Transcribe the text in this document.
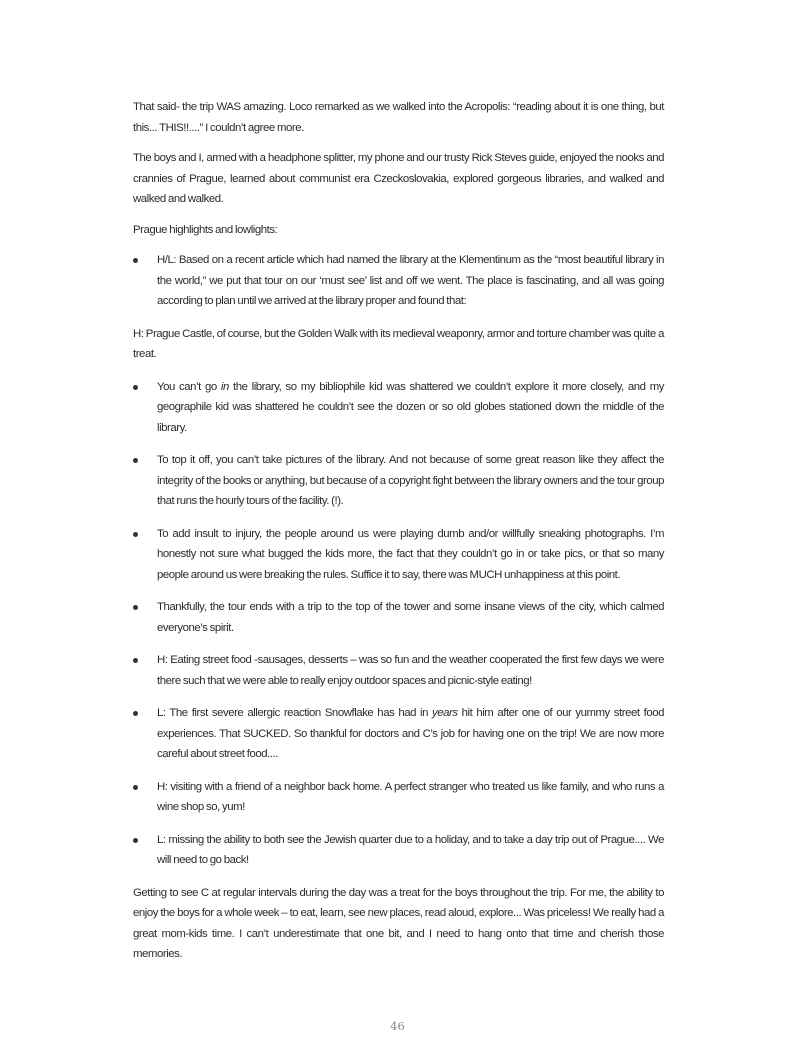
That said- the trip WAS amazing. Loco remarked as we walked into the Acropolis: “reading about it is one thing, but this... THIS!!....” I couldn’t agree more.

The boys and I, armed with a headphone splitter, my phone and our trusty Rick Steves guide, enjoyed the nooks and crannies of Prague, learned about communist era Czeckoslovakia, explored gorgeous libraries, and walked and walked and walked.

Prague highlights and lowlights:

H/L: Based on a recent article which had named the library at the Klementinum as the “most beautiful library in the world,” we put that tour on our ‘must see’ list and off we went. The place is fascinating, and all was going according to plan until we arrived at the library proper and found that:

H: Prague Castle, of course, but the Golden Walk with its medieval weaponry, armor and torture chamber was quite a treat.

You can’t go in the library, so my bibliophile kid was shattered we couldn’t explore it more closely, and my geographile kid was shattered he couldn’t see the dozen or so old globes stationed down the middle of the library.
To top it off, you can’t take pictures of the library. And not because of some great reason like they affect the integrity of the books or anything, but because of a copyright fight between the library owners and the tour group that runs the hourly tours of the facility. (!).
To add insult to injury, the people around us were playing dumb and/or willfully sneaking photographs. I’m honestly not sure what bugged the kids more, the fact that they couldn’t go in or take pics, or that so many people around us were breaking the rules. Suffice it to say, there was MUCH unhappiness at this point.
Thankfully, the tour ends with a trip to the top of the tower and some insane views of the city, which calmed everyone’s spirit.
H: Eating street food -sausages, desserts – was so fun and the weather cooperated the first few days we were there such that we were able to really enjoy outdoor spaces and picnic-style eating!
L: The first severe allergic reaction Snowflake has had in years hit him after one of our yummy street food experiences. That SUCKED. So thankful for doctors and C’s job for having one on the trip! We are now more careful about street food....
H: visiting with a friend of a neighbor back home. A perfect stranger who treated us like family, and who runs a wine shop so, yum!
L: missing the ability to both see the Jewish quarter due to a holiday, and to take a day trip out of Prague.... We will need to go back!

Getting to see C at regular intervals during the day was a treat for the boys throughout the trip. For me, the ability to enjoy the boys for a whole week – to eat, learn, see new places, read aloud, explore... Was priceless! We really had a great mom-kids time. I can’t underestimate that one bit, and I need to hang onto that time and cherish those memories.

46
